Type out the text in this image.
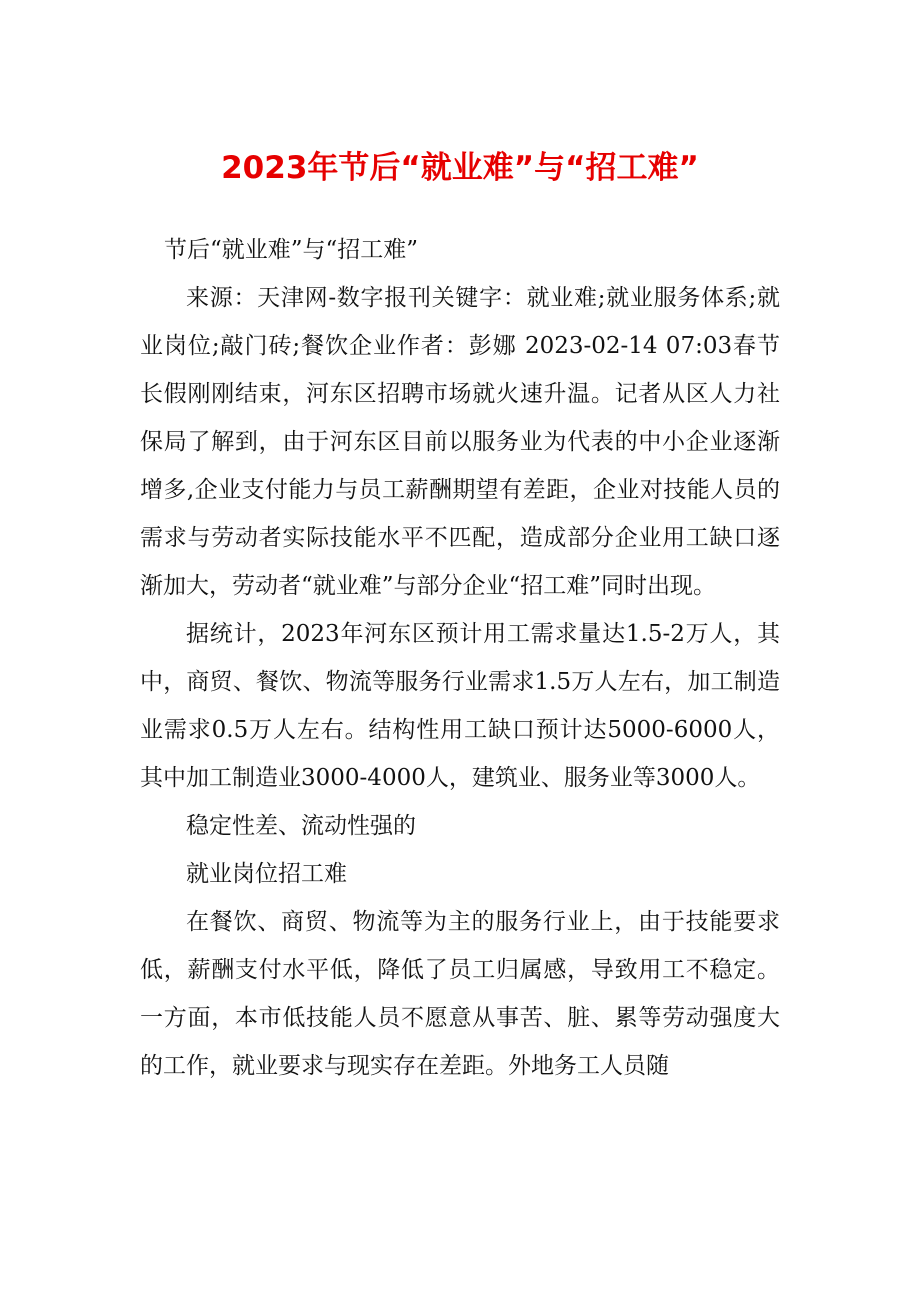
2023年节后“就业难”与“招工难”

节后“就业难”与“招工难”

来源：天津网-数字报刊关键字：就业难;就业服务体系;就业岗位;敲门砖;餐饮企业作者：彭娜 2023-02-14 07:03春节长假刚刚结束，河东区招聘市场就火速升温。记者从区人力社保局了解到，由于河东区目前以服务业为代表的中小企业逐渐增多,企业支付能力与员工薪酬期望有差距，企业对技能人员的需求与劳动者实际技能水平不匹配，造成部分企业用工缺口逐渐加大，劳动者“就业难”与部分企业“招工难”同时出现。

据统计，2023年河东区预计用工需求量达1.5-2万人，其中，商贸、餐饮、物流等服务行业需求1.5万人左右，加工制造业需求0.5万人左右。结构性用工缺口预计达5000-6000人，其中加工制造业3000-4000人，建筑业、服务业等3000人。

稳定性差、流动性强的

就业岗位招工难

在餐饮、商贸、物流等为主的服务行业上，由于技能要求低，薪酬支付水平低，降低了员工归属感，导致用工不稳定。一方面，本市低技能人员不愿意从事苦、脏、累等劳动强度大的工作，就业要求与现实存在差距。外地务工人员随
